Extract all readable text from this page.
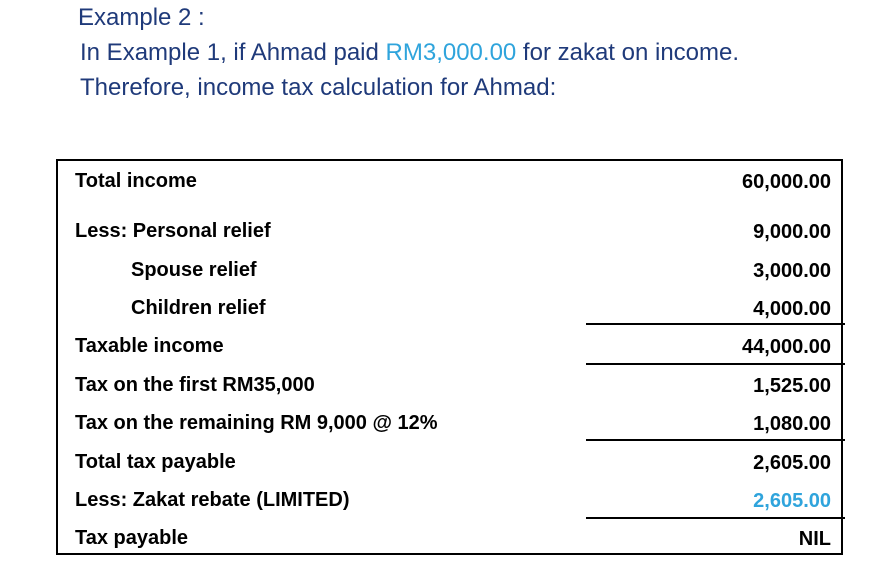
Example 2 :
In Example 1, if Ahmad paid RM3,000.00 for zakat on income.
Therefore, income tax calculation for Ahmad:
Total income	60,000.00
Less: Personal relief	9,000.00
Spouse relief	3,000.00
Children relief	4,000.00
Taxable income	44,000.00
Tax on the first RM35,000	1,525.00
Tax on the remaining RM 9,000 @ 12%	1,080.00
Total tax payable	2,605.00
Less: Zakat rebate (LIMITED)	2,605.00
Tax payable	NIL
